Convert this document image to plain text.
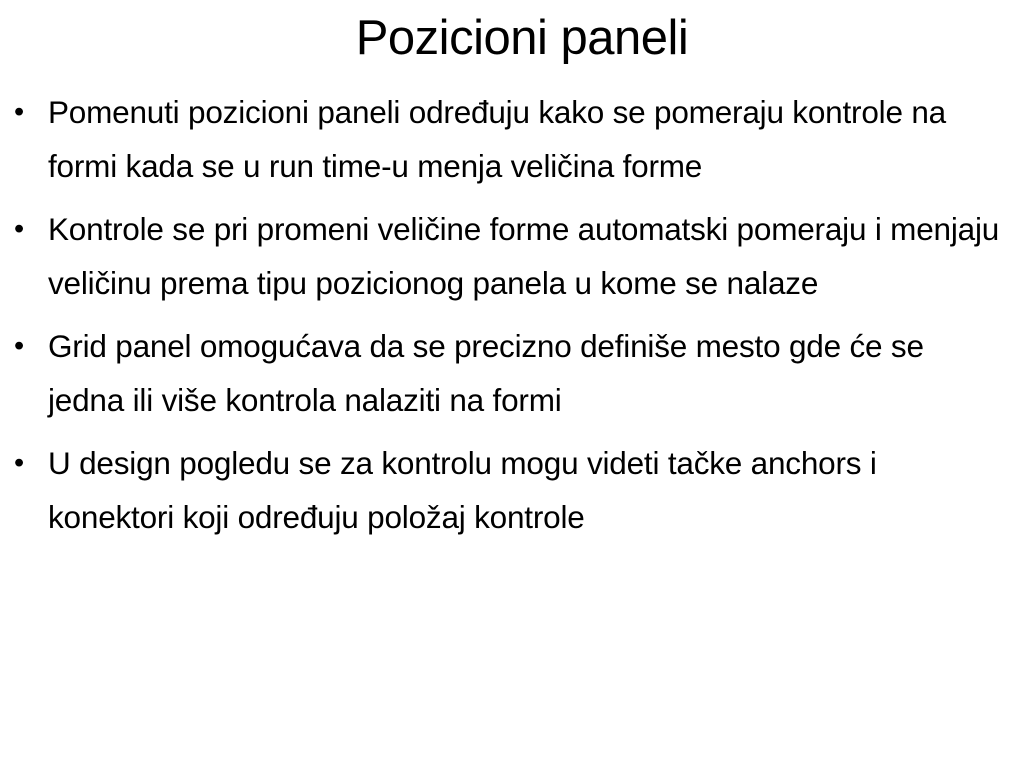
Pozicioni paneli
• Pomenuti pozicioni paneli određuju kako se pomeraju kontrole na formi kada se u run time-u menja veličina forme
• Kontrole se pri promeni veličine forme automatski pomeraju i menjaju veličinu prema tipu pozicionog panela u kome se nalaze
• Grid panel omogućava da se precizno definiše mesto gde će se jedna ili više kontrola nalaziti na formi
• U design pogledu se za kontrolu mogu videti tačke anchors i konektori koji određuju položaj kontrole
